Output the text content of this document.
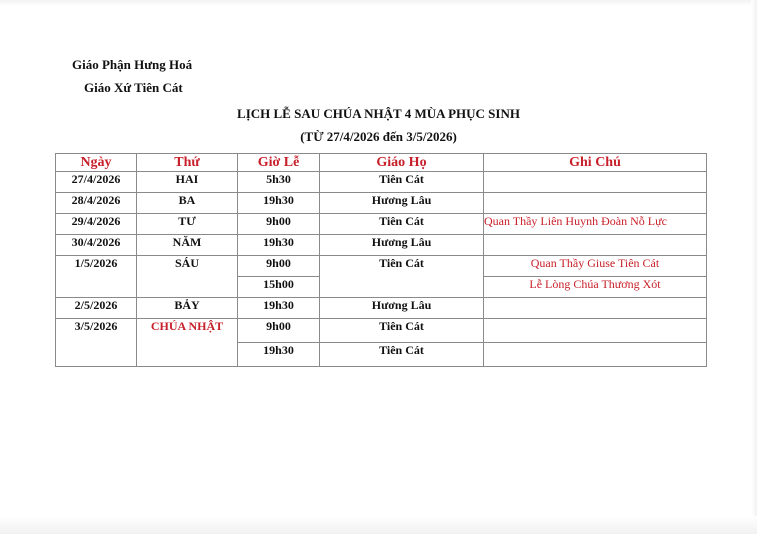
Giáo Phận Hưng Hoá
Giáo Xứ Tiên Cát
LỊCH LỄ SAU CHÚA NHẬT 4 MÙA PHỤC SINH
(TỪ 27/4/2026 đến 3/5/2026)
Ngày	Thứ	Giờ Lễ	Giáo Họ	Ghi Chú
27/4/2026	HAI	5h30	Tiên Cát	
28/4/2026	BA	19h30	Hương Lâu	
29/4/2026	TƯ	9h00	Tiên Cát	Quan Thầy Liên Huynh Đoàn Nỗ Lực
30/4/2026	NĂM	19h30	Hương Lâu	
1/5/2026	SÁU	9h00	Tiên Cát	Quan Thầy Giuse Tiên Cát
		15h00		Lễ Lòng Chúa Thương Xót
2/5/2026	BẢY	19h30	Hương Lâu	
3/5/2026	CHÚA NHẬT	9h00	Tiên Cát	
		19h30	Tiên Cát	
